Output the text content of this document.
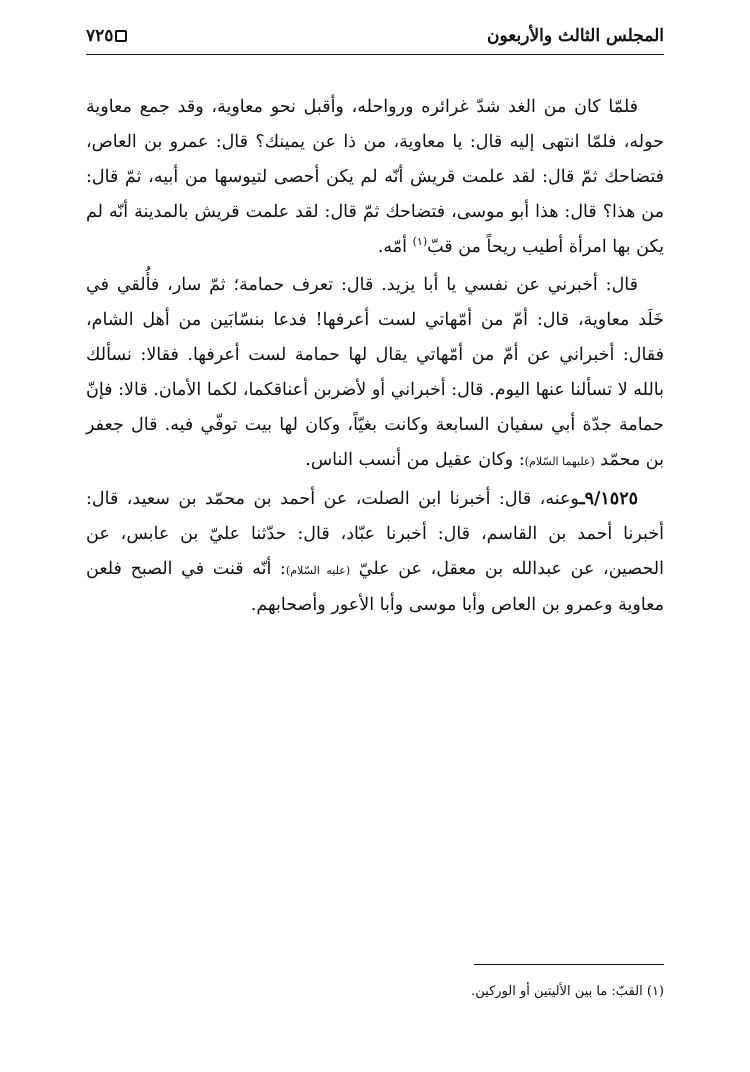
المجلس الثالث والأربعون
٧٢٥

فلمّا كان من الغد شدّ غرائره ورواحله، وأقبل نحو معاوية، وقد جمع معاوية حوله، فلمّا انتهى إليه قال: يا معاوية، من ذا عن يمينك؟ قال: عمرو بن العاص، فتضاحك ثمّ قال: لقد علمت قريش أنّه لم يكن أحصى لتيوسها من أبيه، ثمّ قال: من هذا؟ قال: هذا أبو موسى، فتضاحك ثمّ قال: لقد علمت قريش بالمدينة أنّه لم يكن بها امرأة أطيب ريحاً من قبّ$^{(١)}$ أمّه.

قال: أخبرني عن نفسي يا أبا يزيد. قال: تعرف حمامة؛ ثمّ سار، فأُلقي في خَلَد معاوية، قال: أمّ من أمّهاتي لست أعرفها! فدعا بنسّابَين من أهل الشام، فقال: أخبراني عن أمّ من أمّهاتي يقال لها حمامة لست أعرفها. فقالا: نسألك بالله لا تسألنا عنها اليوم. قال: أخبراني أو لأضربن أعناقكما، لكما الأمان. قالا: فإنّ حمامة جدّة أبي سفيان السابعة وكانت بغيّاً، وكان لها بيت توفّي فيه. قال جعفر بن محمّد (عليهما السّلام): وكان عقيل من أنسب الناس.

٩/١٥٢٥ـوعنه، قال: أخبرنا ابن الصلت، عن أحمد بن محمّد بن سعيد، قال: أخبرنا أحمد بن القاسم، قال: أخبرنا عبّاد، قال: حدّثنا عليّ بن عابس، عن الحصين، عن عبدالله بن معقل، عن عليّ (عليه السّلام): أنّه قنت في الصبح فلعن معاوية وعمرو بن العاص وأبا موسى وأبا الأعور وأصحابهم.

(١) القبّ: ما بين الأليتين أو الوركين.
